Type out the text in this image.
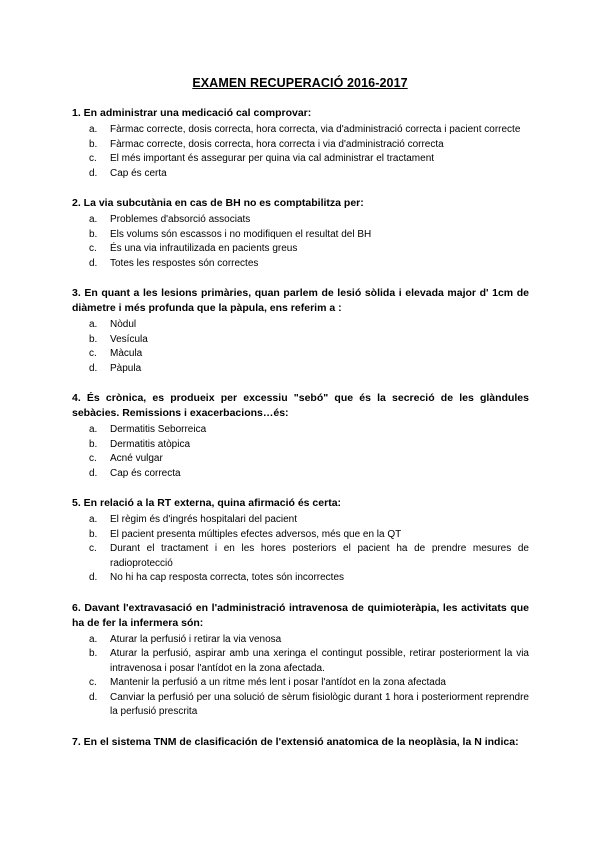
EXAMEN RECUPERACIÓ 2016-2017
1. En administrar una medicació cal comprovar:
a. Fàrmac correcte, dosis correcta, hora correcta, via d'administració correcta i pacient correcte
b. Fàrmac correcte, dosis correcta, hora correcta i via d'administració correcta
c. El més important és assegurar per quina via cal administrar el tractament
d. Cap és certa
2. La via subcutània en cas de BH no es comptabilitza per:
a. Problemes d'absorció associats
b. Els volums són escassos i no modifiquen el resultat del BH
c. És una via infrautilizada en pacients greus
d. Totes les respostes són correctes
3. En quant a les lesions primàries, quan parlem de lesió sòlida i elevada major d' 1cm de diàmetre i més profunda que la pàpula, ens referim a :
a. Nòdul
b. Vesícula
c. Màcula
d. Pàpula
4. És crònica, es produeix per excessiu "sebó" que és la secreció de les glàndules sebàcies. Remissions i exacerbacions…és:
a. Dermatitis Seborreica
b. Dermatitis atòpica
c. Acné vulgar
d. Cap és correcta
5. En relació a la RT externa, quina afirmació és certa:
a. El règim és d'ingrés hospitalari del pacient
b. El pacient presenta múltiples efectes adversos, més que en la QT
c. Durant el tractament i en les hores posteriors el pacient ha de prendre mesures de radioprotecció
d. No hi ha cap resposta correcta, totes són incorrectes
6. Davant l'extravasació en l'administració intravenosa de quimioteràpia, les activitats que ha de fer la infermera són:
a. Aturar la perfusió i retirar la via venosa
b. Aturar la perfusió, aspirar amb una xeringa el contingut possible, retirar posteriorment la via intravenosa i posar l'antídot en la zona afectada.
c. Mantenir la perfusió a un ritme més lent i posar l'antídot en la zona afectada
d. Canviar la perfusió per una solució de sèrum fisiològic durant 1 hora i posteriorment reprendre la perfusió prescrita
7. En el sistema TNM de clasificación de l'extensió anatomica de la neoplàsia, la N indica:
